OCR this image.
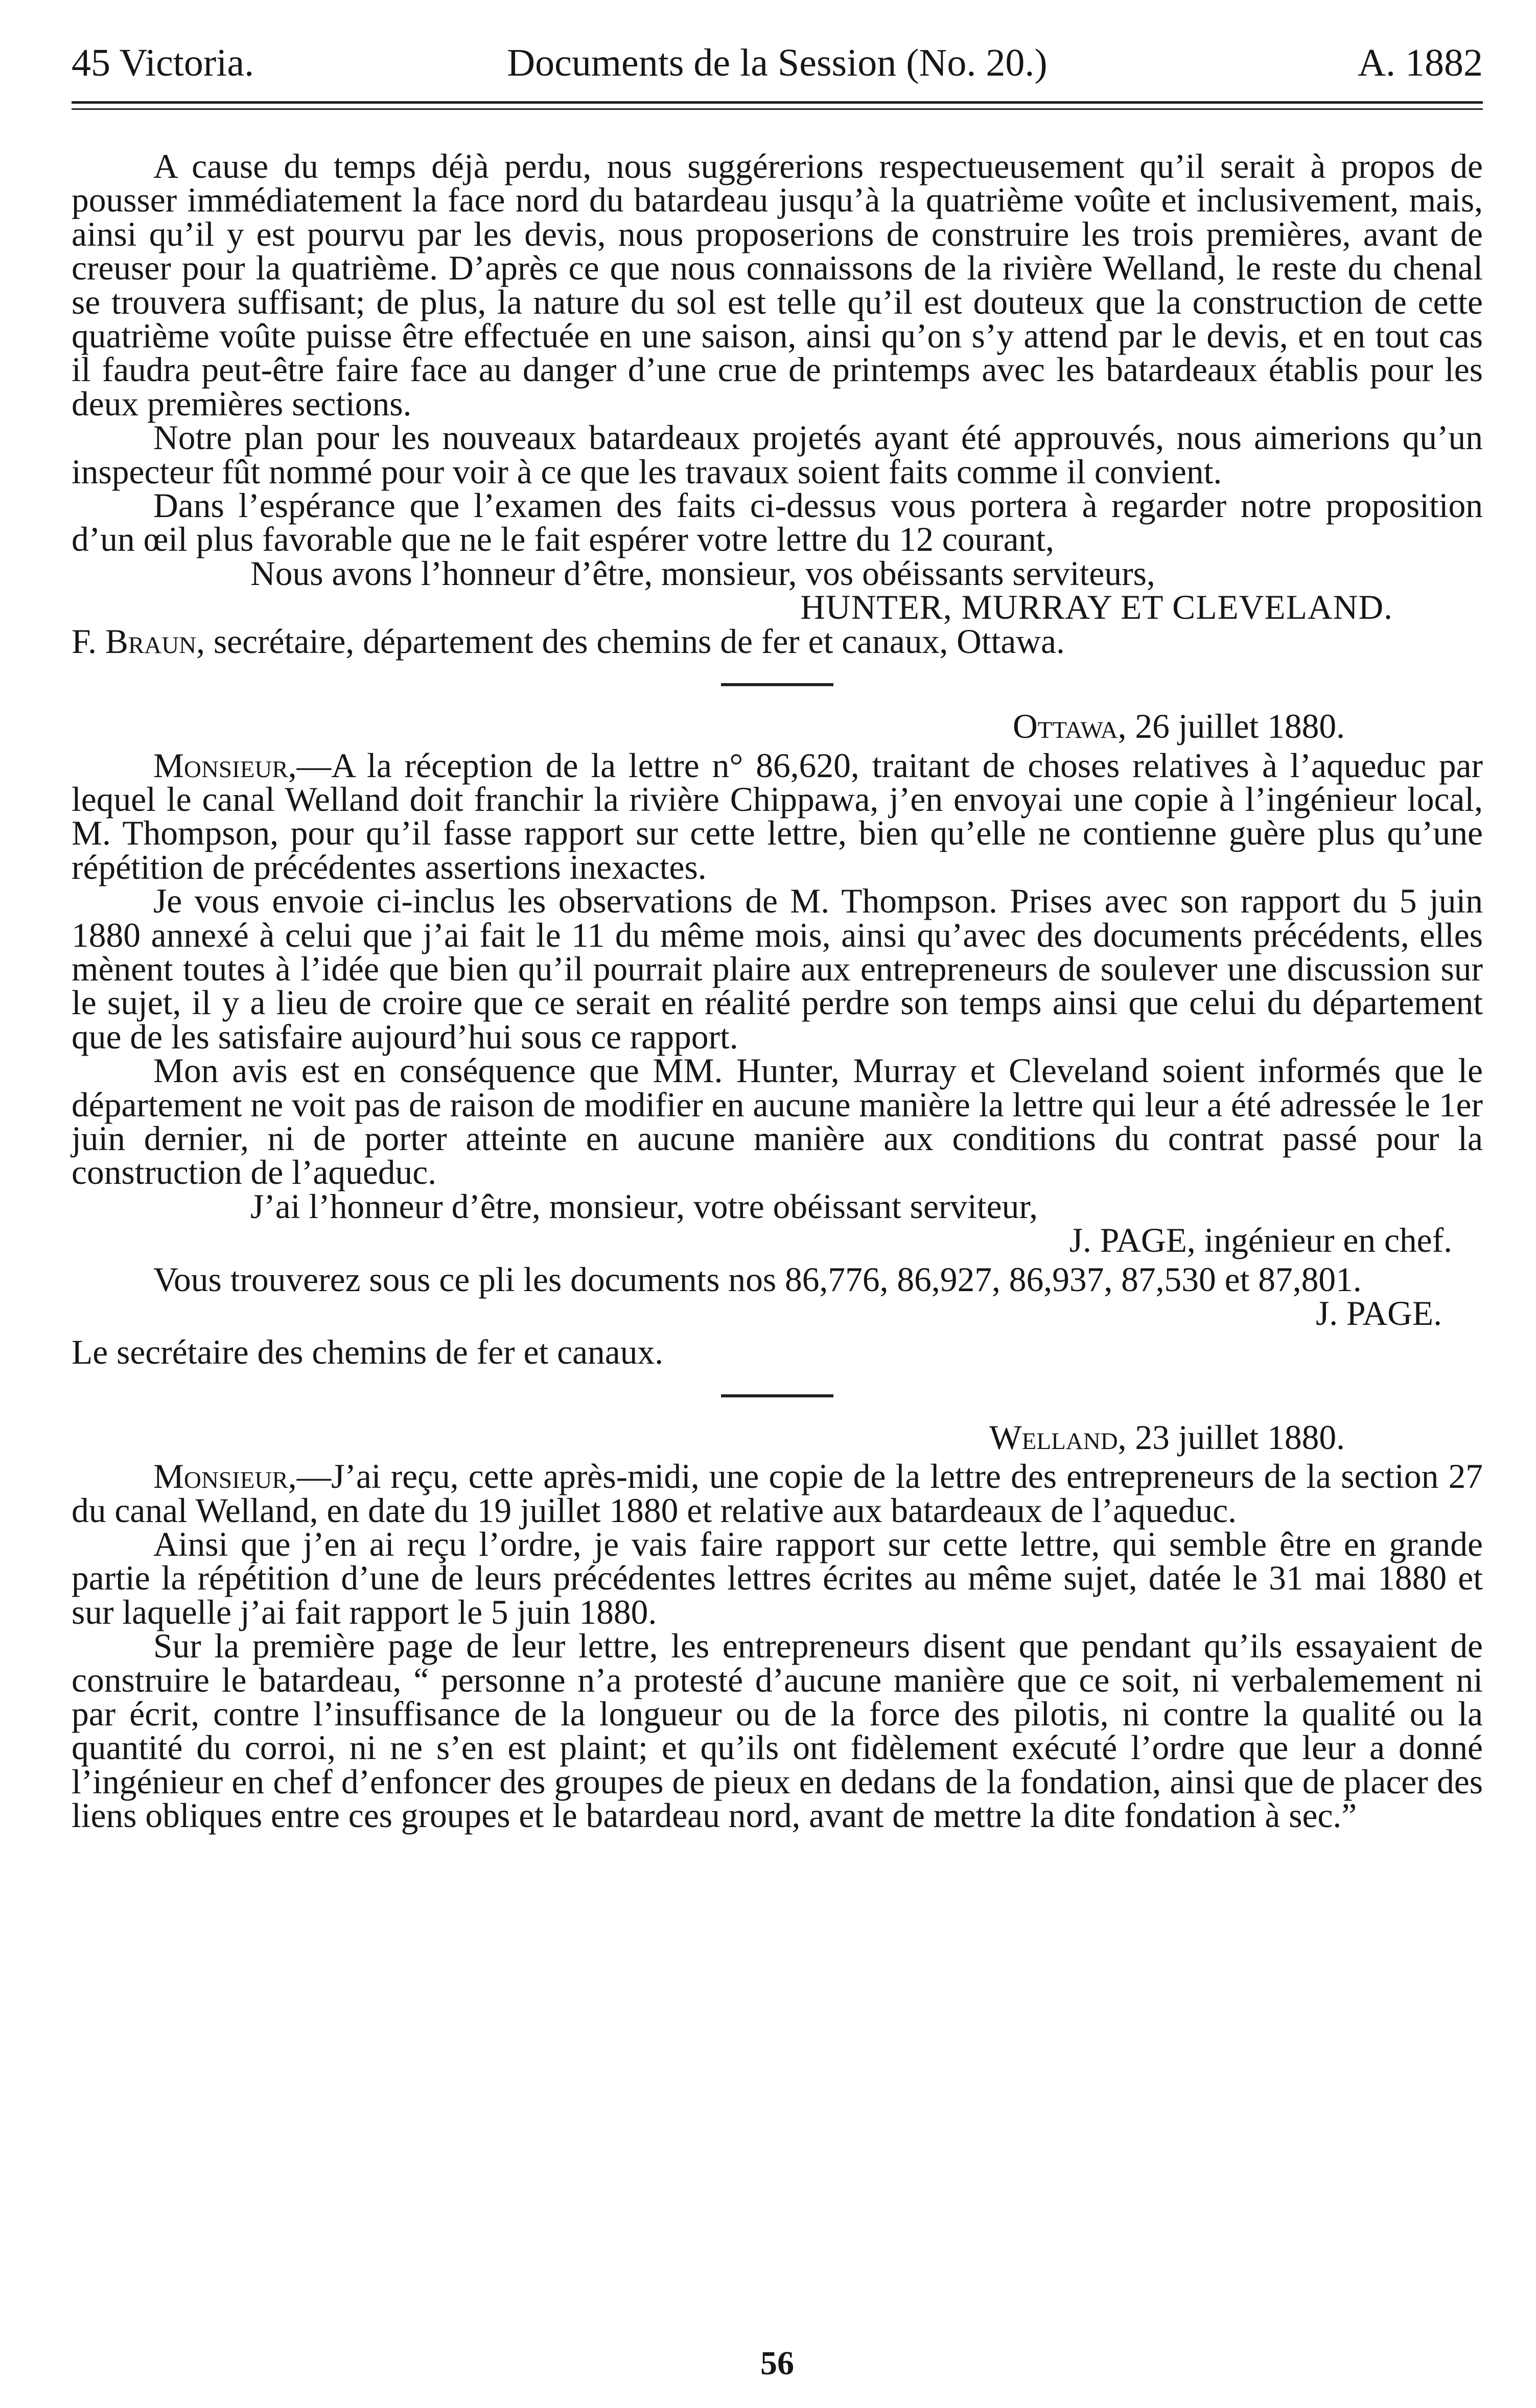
45 Victoria.	Documents de la Session (No. 20.)	A. 1882

A cause du temps déjà perdu, nous suggérerions respectueusement qu’il serait à propos de pousser immédiatement la face nord du batardeau jusqu’à la quatrième voûte et inclusivement, mais, ainsi qu’il y est pourvu par les devis, nous proposerions de construire les trois premières, avant de creuser pour la quatrième. D’après ce que nous connaissons de la rivière Welland, le reste du chenal se trouvera suffisant; de plus, la nature du sol est telle qu’il est douteux que la construction de cette quatrième voûte puisse être effectuée en une saison, ainsi qu’on s’y attend par le devis, et en tout cas il faudra peut-être faire face au danger d’une crue de printemps avec les batardeaux établis pour les deux premières sections.

Notre plan pour les nouveaux batardeaux projetés ayant été approuvés, nous aimerions qu’un inspecteur fût nommé pour voir à ce que les travaux soient faits comme il convient.

Dans l’espérance que l’examen des faits ci-dessus vous portera à regarder notre proposition d’un œil plus favorable que ne le fait espérer votre lettre du 12 courant,

Nous avons l’honneur d’être, monsieur, vos obéissants serviteurs,

HUNTER, MURRAY ET CLEVELAND.

F. Braun, secrétaire, département des chemins de fer et canaux, Ottawa.

Ottawa, 26 juillet 1880.

Monsieur,—A la réception de la lettre n° 86,620, traitant de choses relatives à l’aqueduc par lequel le canal Welland doit franchir la rivière Chippawa, j’en envoyai une copie à l’ingénieur local, M. Thompson, pour qu’il fasse rapport sur cette lettre, bien qu’elle ne contienne guère plus qu’une répétition de précédentes assertions inexactes.

Je vous envoie ci-inclus les observations de M. Thompson. Prises avec son rapport du 5 juin 1880 annexé à celui que j’ai fait le 11 du même mois, ainsi qu’avec des documents précédents, elles mènent toutes à l’idée que bien qu’il pourrait plaire aux entrepreneurs de soulever une discussion sur le sujet, il y a lieu de croire que ce serait en réalité perdre son temps ainsi que celui du département que de les satisfaire aujourd’hui sous ce rapport.

Mon avis est en conséquence que MM. Hunter, Murray et Cleveland soient informés que le département ne voit pas de raison de modifier en aucune manière la lettre qui leur a été adressée le 1er juin dernier, ni de porter atteinte en aucune manière aux conditions du contrat passé pour la construction de l’aqueduc.

J’ai l’honneur d’être, monsieur, votre obéissant serviteur,

J. PAGE, ingénieur en chef.

Vous trouverez sous ce pli les documents nos 86,776, 86,927, 86,937, 87,530 et 87,801.

J. PAGE.

Le secrétaire des chemins de fer et canaux.

Welland, 23 juillet 1880.

Monsieur,—J’ai reçu, cette après-midi, une copie de la lettre des entrepreneurs de la section 27 du canal Welland, en date du 19 juillet 1880 et relative aux batardeaux de l’aqueduc.

Ainsi que j’en ai reçu l’ordre, je vais faire rapport sur cette lettre, qui semble être en grande partie la répétition d’une de leurs précédentes lettres écrites au même sujet, datée le 31 mai 1880 et sur laquelle j’ai fait rapport le 5 juin 1880.

Sur la première page de leur lettre, les entrepreneurs disent que pendant qu’ils essayaient de construire le batardeau, “ personne n’a protesté d’aucune manière que ce soit, ni verbalemement ni par écrit, contre l’insuffisance de la longueur ou de la force des pilotis, ni contre la qualité ou la quantité du corroi, ni ne s’en est plaint; et qu’ils ont fidèlement exécuté l’ordre que leur a donné l’ingénieur en chef d’enfoncer des groupes de pieux en dedans de la fondation, ainsi que de placer des liens obliques entre ces groupes et le batardeau nord, avant de mettre la dite fondation à sec.”

56
